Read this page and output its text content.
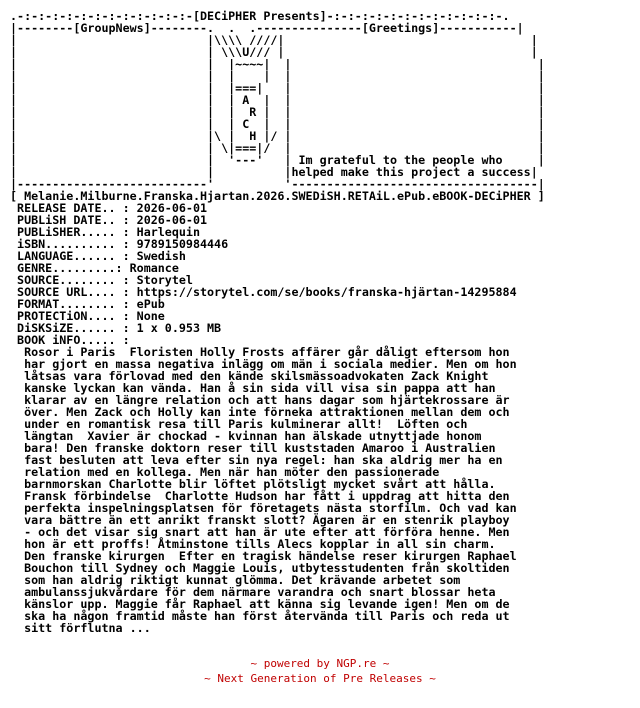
.-:-:-:-:-:-:-:-:-:-:-:-:-[DECiPHER Presents]-:-:-:-:-:-:-:-:-:-:-:-:-.
|--------[GroupNews]--------.  .  .---------------[Greetings]-----------|
|                           |\\\\ ////|                                   |
|                           | \\\U/// |                                   |
|                           |  |~~~~|  |                                   |
|                           |  |    |  |                                   |
|                           |  |===|   |                                   |
|                           |  | A  |  |                                   |
|                           |  |  R |  |                                   |
|                           |  | C  |  |                                   |
|                           |\ |  H |/ |                                   |
|                           | \|===|/  |                                   |
|                           |  '---'   | Im grateful to the people who     |
|                           |          |helped make this project a success|
|---------------------------'          '-----------------------------------|
[ Melanie.Milburne.Franska.Hjartan.2026.SWEDiSH.RETAiL.ePub.eBOOK-DECiPHER ]
RELEASE DATE.. : 2026-06-01
PUBLiSH DATE.. : 2026-06-01
PUBLiSHER..... : Harlequin
iSBN.......... : 9789150984446
LANGUAGE...... : Swedish
GENRE.........: Romance
SOURCE........ : Storytel
SOURCE URL.... : https://storytel.com/se/books/franska-hjärtan-14295884
FORMAT........ : ePub
PROTECTiON.... : None
DiSKSiZE...... : 1 x 0.953 MB
BOOK iNFO..... :
Rosor i Paris  Floristen Holly Frosts affärer går dåligt eftersom hon
har gjort en massa negativa inlägg om män i sociala medier. Men om hon
låtsas vara förlovad med den kände skilsmässoadvokaten Zack Knight
kanske lyckan kan vända. Han å sin sida vill visa sin pappa att han
klarar av en längre relation och att hans dagar som hjärtekrossare är
över. Men Zack och Holly kan inte förneka attraktionen mellan dem och
under en romantisk resa till Paris kulminerar allt!  Löften och
längtan  Xavier är chockad - kvinnan han älskade utnyttjade honom
bara! Den franske doktorn reser till kuststaden Amaroo i Australien
fast besluten att leva efter sin nya regel: han ska aldrig mer ha en
relation med en kollega. Men när han möter den passionerade
barnmorskan Charlotte blir löftet plötsligt mycket svårt att hålla.
Fransk förbindelse  Charlotte Hudson har fått i uppdrag att hitta den
perfekta inspelningsplatsen för företagets nästa storfilm. Och vad kan
vara bättre än ett anrikt franskt slott? Ägaren är en stenrik playboy
- och det visar sig snart att han är ute efter att förföra henne. Men
hon är ett proffs! Åtminstone tills Alecs kopplar in all sin charm.
Den franske kirurgen  Efter en tragisk händelse reser kirurgen Raphael
Bouchon till Sydney och Maggie Louis, utbytesstudenten från skoltiden
som han aldrig riktigt kunnat glömma. Det krävande arbetet som
ambulanssjukvårdare för dem närmare varandra och snart blossar heta
känslor upp. Maggie får Raphael att känna sig levande igen! Men om de
ska ha någon framtid måste han först återvända till Paris och reda ut
sitt förflutna ...
~ powered by NGP.re ~
~ Next Generation of Pre Releases ~
